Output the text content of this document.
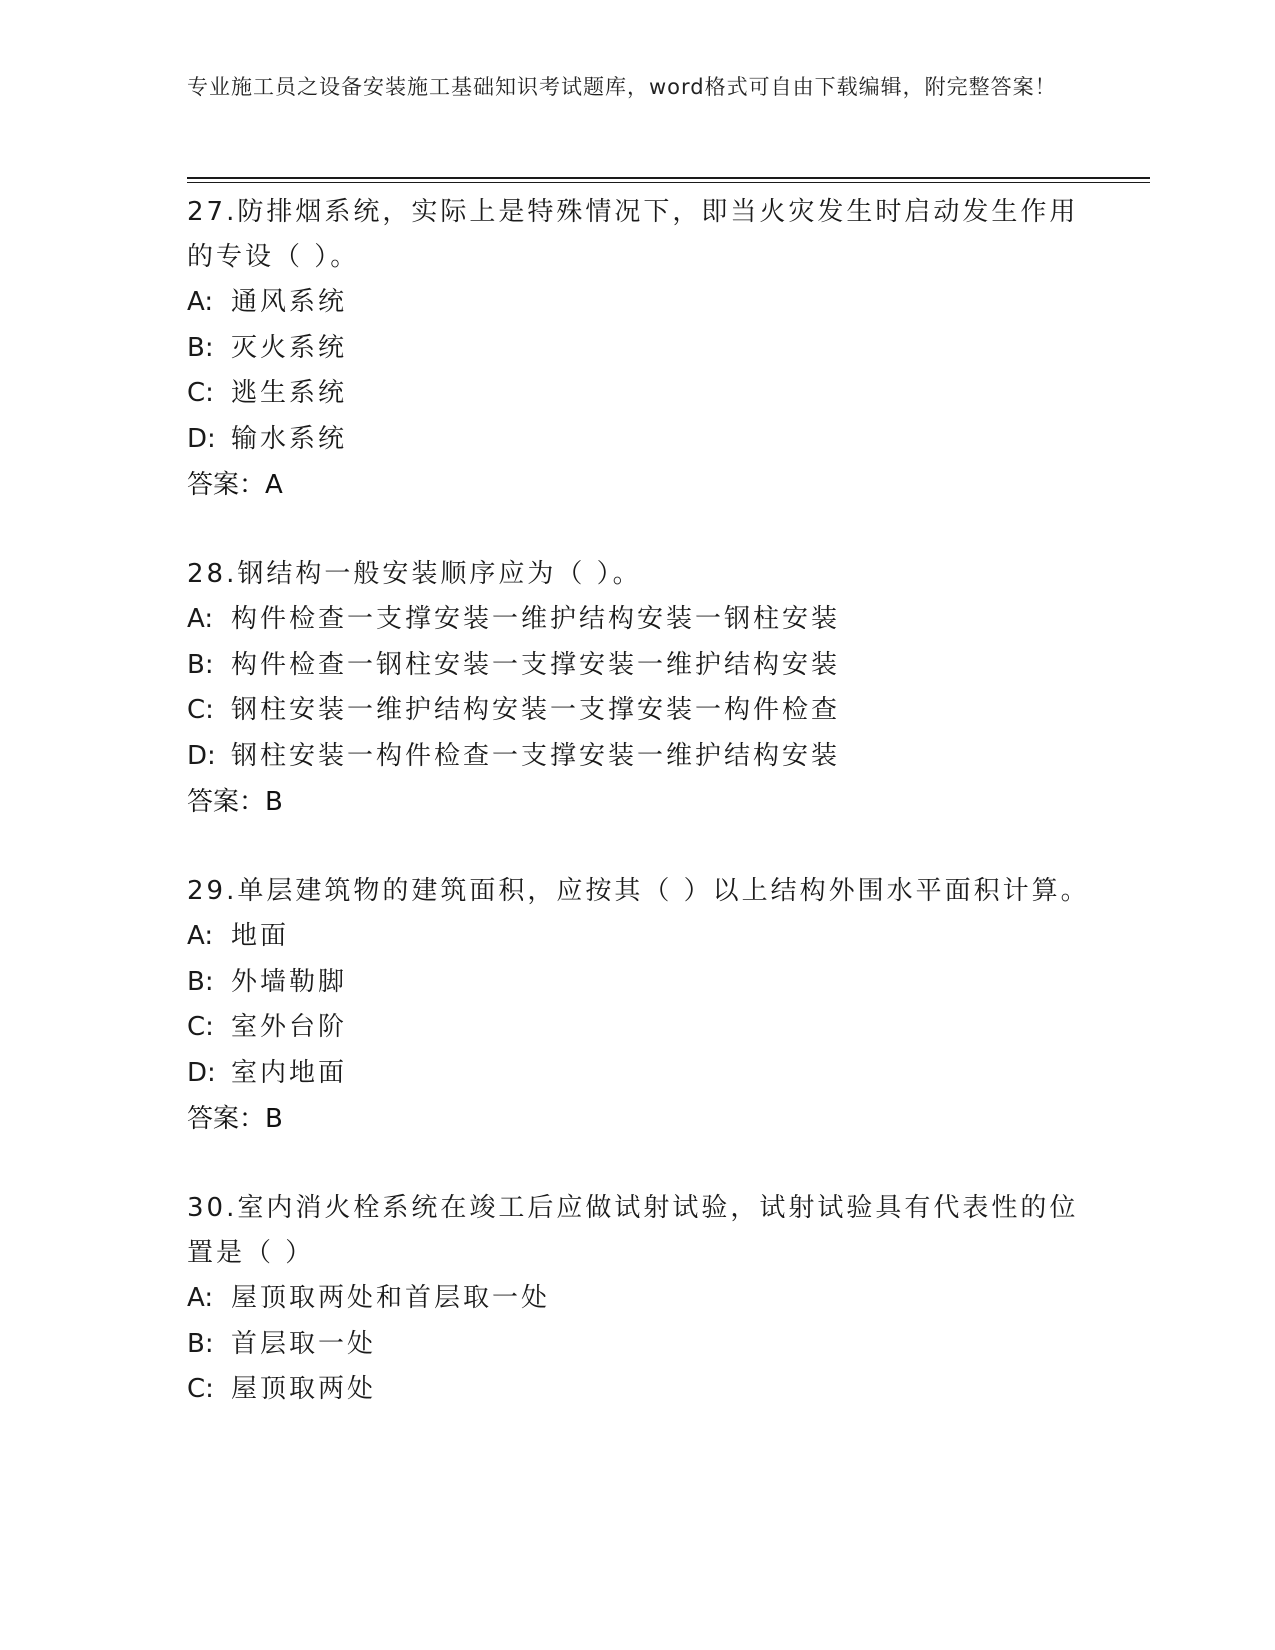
专业施工员之设备安装施工基础知识考试题库，word格式可自由下载编辑，附完整答案！
27.防排烟系统，实际上是特殊情况下，即当火灾发生时启动发生作用的专设（ ）。
A: 通风系统
B: 灭火系统
C: 逃生系统
D: 输水系统
答案：A
28.钢结构一般安装顺序应为（ ）。
A: 构件检查一支撑安装一维护结构安装一钢柱安装
B: 构件检查一钢柱安装一支撑安装一维护结构安装
C: 钢柱安装一维护结构安装一支撑安装一构件检查
D: 钢柱安装一构件检查一支撑安装一维护结构安装
答案：B
29.单层建筑物的建筑面积，应按其（ ）以上结构外围水平面积计算。
A: 地面
B: 外墙勒脚
C: 室外台阶
D: 室内地面
答案：B
30.室内消火栓系统在竣工后应做试射试验，试射试验具有代表性的位置是（ ）
A: 屋顶取两处和首层取一处
B: 首层取一处
C: 屋顶取两处
